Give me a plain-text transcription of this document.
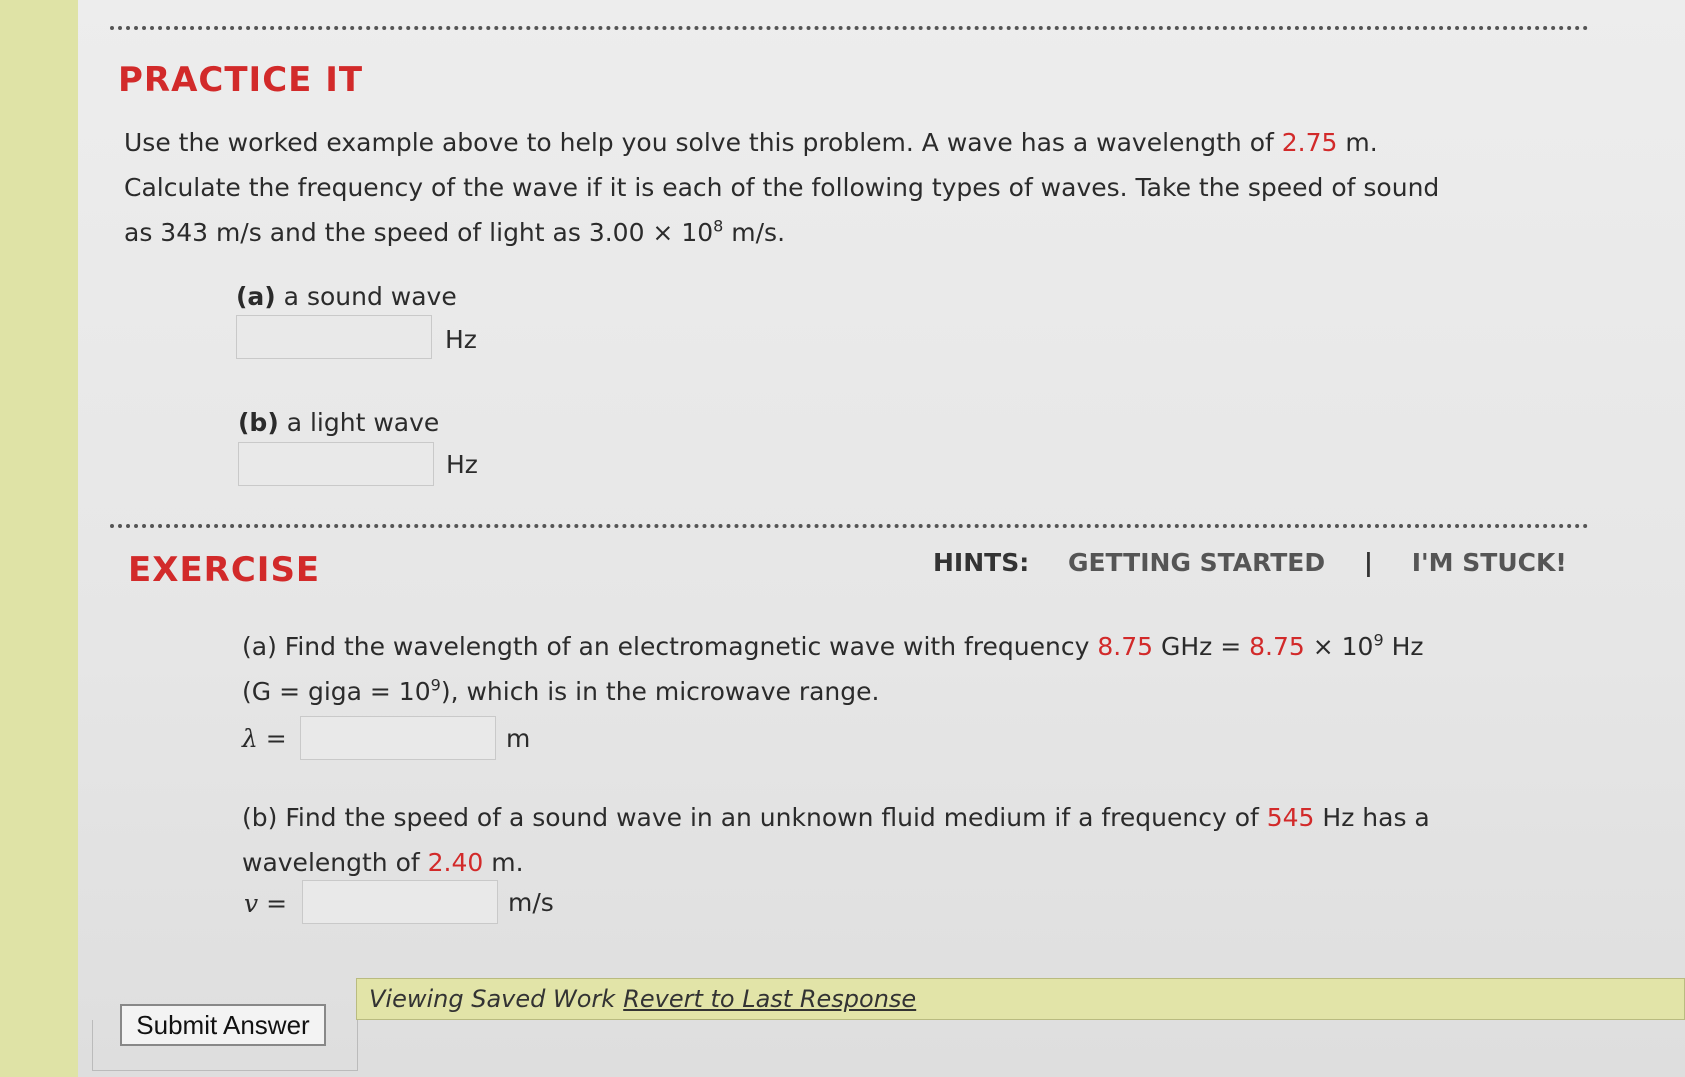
PRACTICE IT
Use the worked example above to help you solve this problem. A wave has a wavelength of 2.75 m.
Calculate the frequency of the wave if it is each of the following types of waves. Take the speed of sound
as 343 m/s and the speed of light as $3.00 \times 10^8$ m/s.
(a) a sound wave
Hz
(b) a light wave
Hz
EXERCISE	HINTS: GETTING STARTED | I'M STUCK!
(a) Find the wavelength of an electromagnetic wave with frequency 8.75 GHz = $8.75 \times 10^9$ Hz
(G = giga = $10^9$), which is in the microwave range.
λ =	m
(b) Find the speed of a sound wave in an unknown fluid medium if a frequency of 545 Hz has a
wavelength of 2.40 m.
v =	m/s
Submit Answer
Viewing Saved Work Revert to Last Response
